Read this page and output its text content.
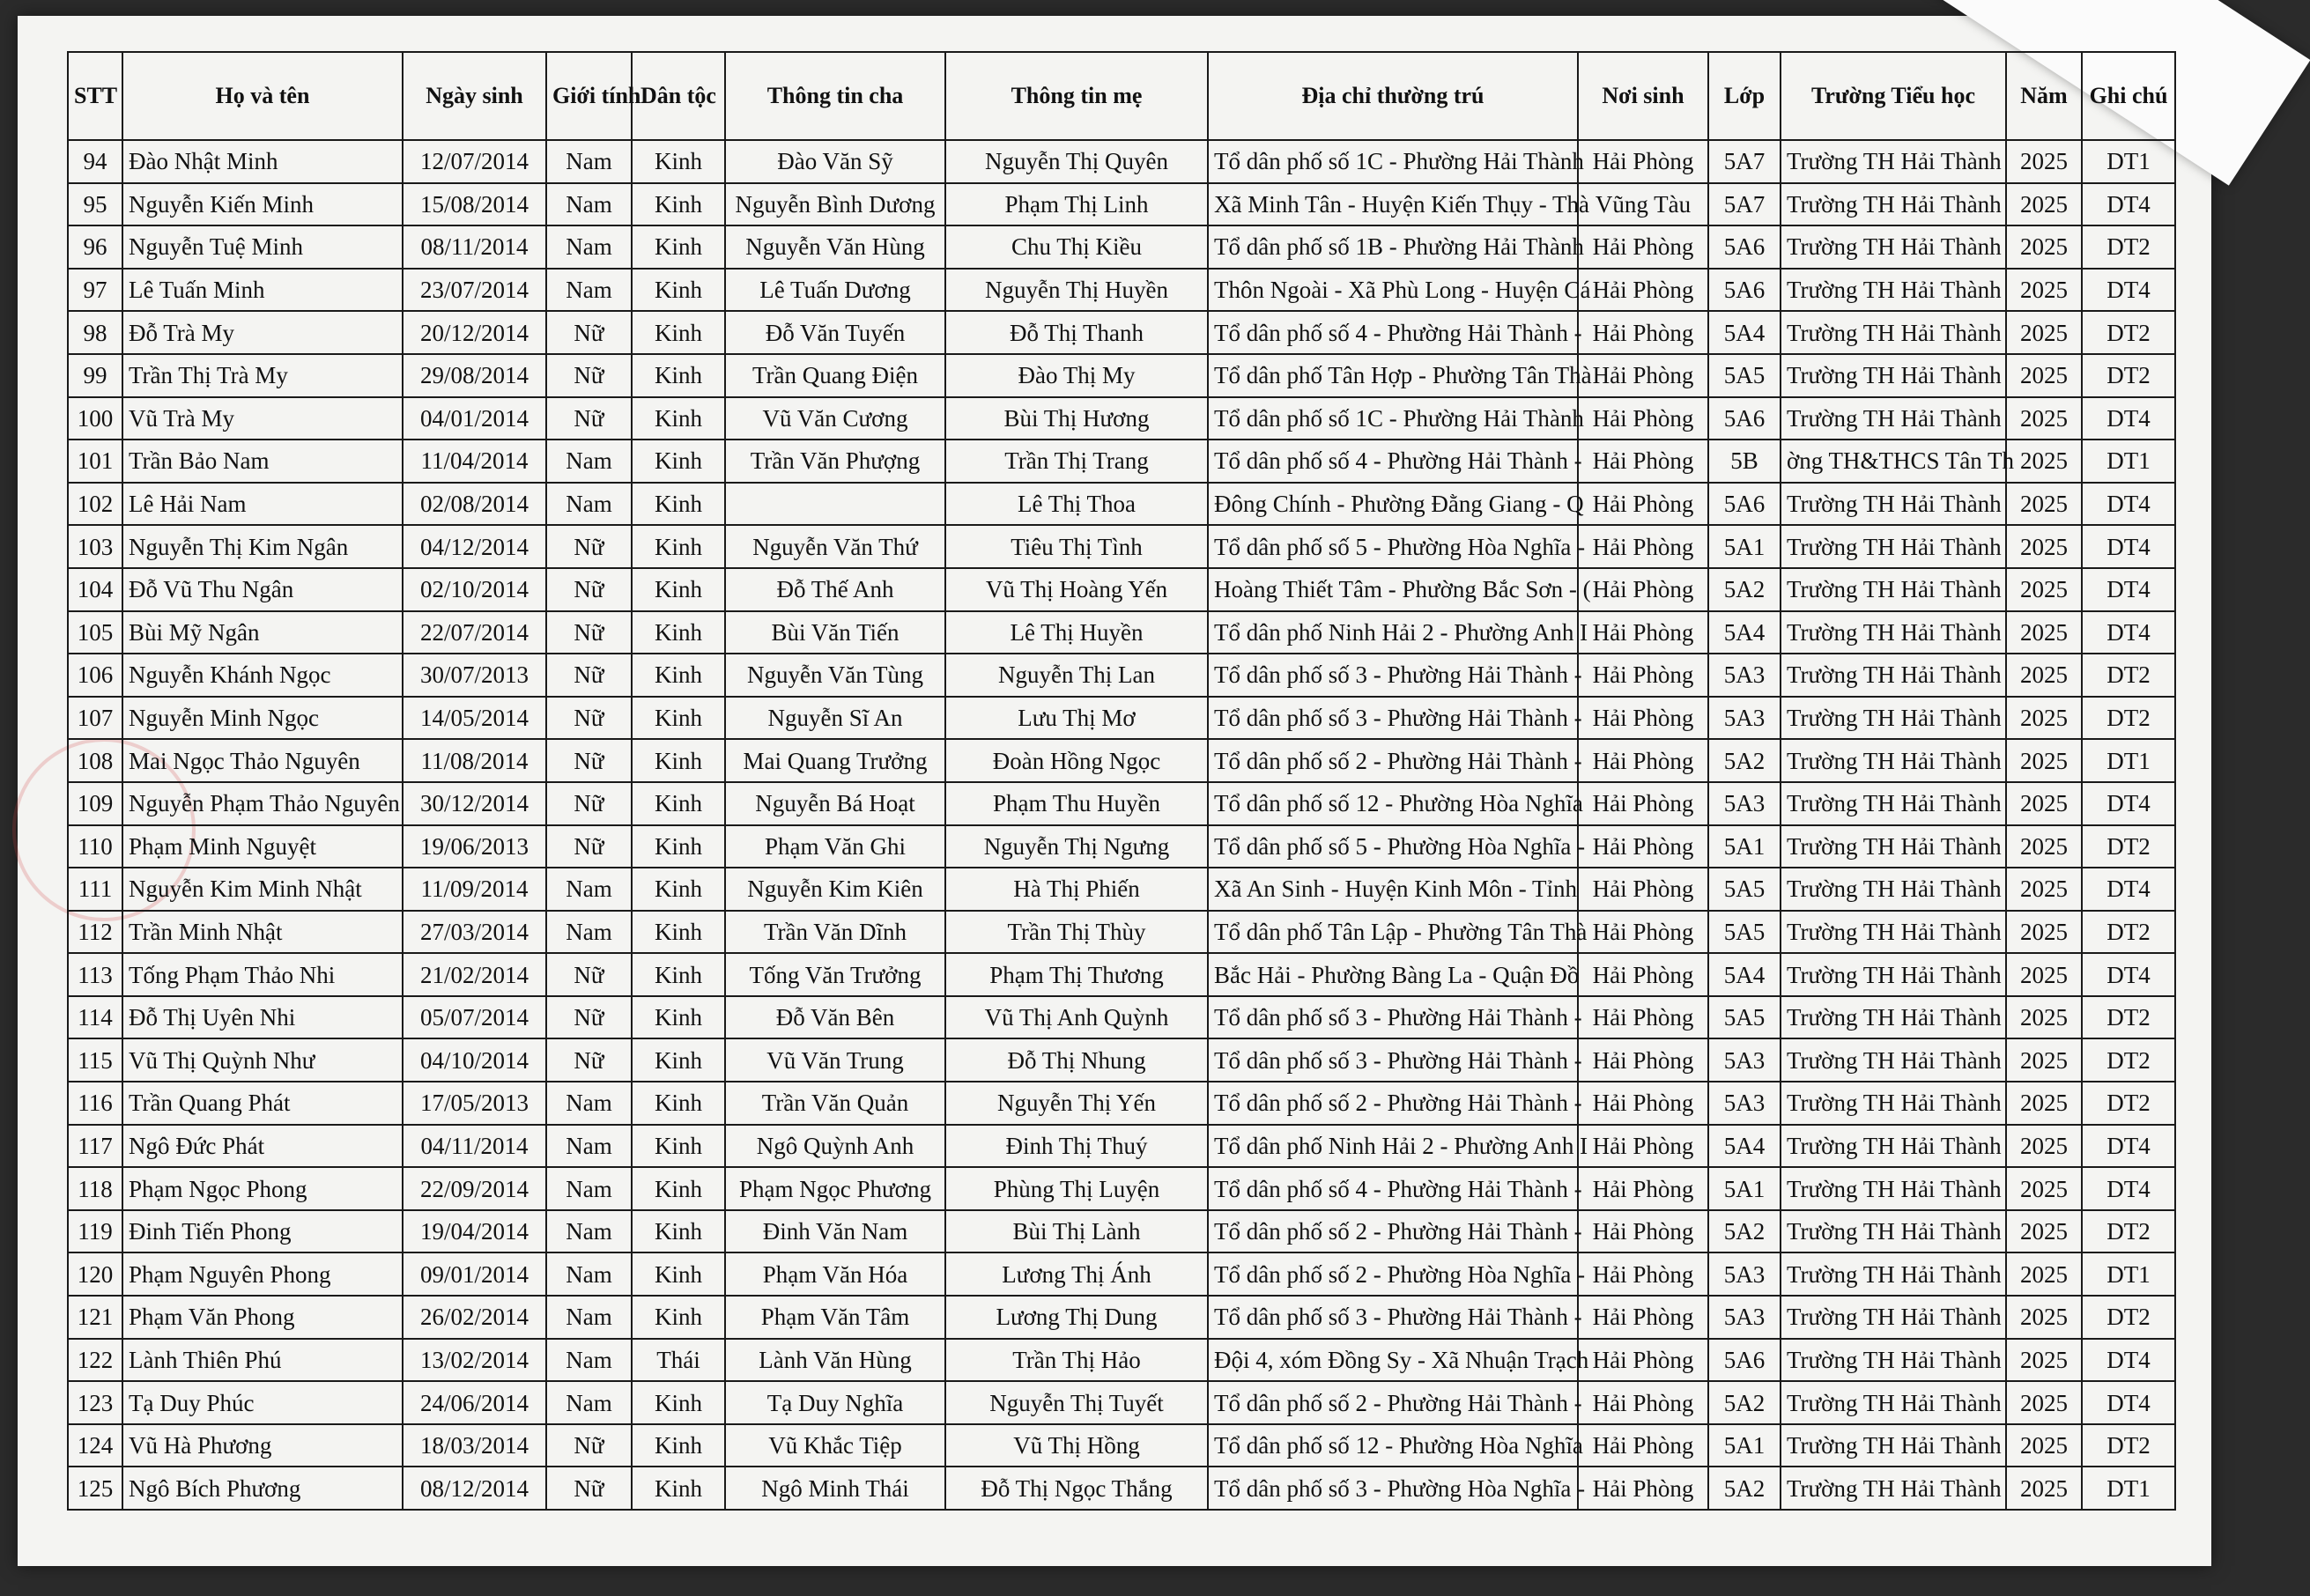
STT	Họ và tên	Ngày sinh	Giới tính	Dân tộc	Thông tin cha	Thông tin mẹ	Địa chỉ thường trú	Nơi sinh	Lớp	Trường Tiểu học	Năm	Ghi chú
94	Đào Nhật Minh	12/07/2014	Nam	Kinh	Đào Văn Sỹ	Nguyễn Thị Quyên	Tổ dân phố số 1C - Phường Hải Thành	Hải Phòng	5A7	Trường TH Hải Thành	2025	DT1
95	Nguyễn Kiến Minh	15/08/2014	Nam	Kinh	Nguyễn Bình Dương	Phạm Thị Linh	Xã Minh Tân - Huyện Kiến Thụy - Thà	Vũng Tàu	5A7	Trường TH Hải Thành	2025	DT4
96	Nguyễn Tuệ Minh	08/11/2014	Nam	Kinh	Nguyễn Văn Hùng	Chu Thị Kiều	Tổ dân phố số 1B - Phường Hải Thành	Hải Phòng	5A6	Trường TH Hải Thành	2025	DT2
97	Lê Tuấn Minh	23/07/2014	Nam	Kinh	Lê Tuấn Dương	Nguyễn Thị Huyền	Thôn Ngoài - Xã Phù Long - Huyện Cá	Hải Phòng	5A6	Trường TH Hải Thành	2025	DT4
98	Đỗ Trà My	20/12/2014	Nữ	Kinh	Đỗ Văn Tuyến	Đỗ Thị Thanh	Tổ dân phố số 4 - Phường Hải Thành -	Hải Phòng	5A4	Trường TH Hải Thành	2025	DT2
99	Trần Thị Trà My	29/08/2014	Nữ	Kinh	Trần Quang Điện	Đào Thị My	Tổ dân phố Tân Hợp - Phường Tân Thà	Hải Phòng	5A5	Trường TH Hải Thành	2025	DT2
100	Vũ Trà My	04/01/2014	Nữ	Kinh	Vũ Văn Cương	Bùi Thị Hương	Tổ dân phố số 1C - Phường Hải Thành	Hải Phòng	5A6	Trường TH Hải Thành	2025	DT4
101	Trần Bảo Nam	11/04/2014	Nam	Kinh	Trần Văn Phượng	Trần Thị Trang	Tổ dân phố số 4 - Phường Hải Thành -	Hải Phòng	5B	ờng TH&THCS Tân Th	2025	DT1
102	Lê Hải Nam	02/08/2014	Nam	Kinh		Lê Thị Thoa	Đông Chính - Phường Đằng Giang - Q	Hải Phòng	5A6	Trường TH Hải Thành	2025	DT4
103	Nguyễn Thị Kim Ngân	04/12/2014	Nữ	Kinh	Nguyễn Văn Thứ	Tiêu Thị Tình	Tổ dân phố số 5 - Phường Hòa Nghĩa -	Hải Phòng	5A1	Trường TH Hải Thành	2025	DT4
104	Đỗ Vũ Thu Ngân	02/10/2014	Nữ	Kinh	Đỗ Thế Anh	Vũ Thị Hoàng Yến	Hoàng Thiết Tâm - Phường Bắc Sơn - (	Hải Phòng	5A2	Trường TH Hải Thành	2025	DT4
105	Bùi Mỹ Ngân	22/07/2014	Nữ	Kinh	Bùi Văn Tiến	Lê Thị Huyền	Tổ dân phố Ninh Hải 2 - Phường Anh I	Hải Phòng	5A4	Trường TH Hải Thành	2025	DT4
106	Nguyễn Khánh Ngọc	30/07/2013	Nữ	Kinh	Nguyễn Văn Tùng	Nguyễn Thị Lan	Tổ dân phố số 3 - Phường Hải Thành -	Hải Phòng	5A3	Trường TH Hải Thành	2025	DT2
107	Nguyễn Minh Ngọc	14/05/2014	Nữ	Kinh	Nguyễn Sĩ An	Lưu Thị Mơ	Tổ dân phố số 3 - Phường Hải Thành -	Hải Phòng	5A3	Trường TH Hải Thành	2025	DT2
108	Mai Ngọc Thảo Nguyên	11/08/2014	Nữ	Kinh	Mai Quang Trưởng	Đoàn Hồng Ngọc	Tổ dân phố số 2 - Phường Hải Thành -	Hải Phòng	5A2	Trường TH Hải Thành	2025	DT1
109	Nguyễn Phạm Thảo Nguyên	30/12/2014	Nữ	Kinh	Nguyễn Bá Hoạt	Phạm Thu Huyền	Tổ dân phố số 12 - Phường Hòa Nghĩa	Hải Phòng	5A3	Trường TH Hải Thành	2025	DT4
110	Phạm Minh Nguyệt	19/06/2013	Nữ	Kinh	Phạm Văn Ghi	Nguyễn Thị Ngưng	Tổ dân phố số 5 - Phường Hòa Nghĩa -	Hải Phòng	5A1	Trường TH Hải Thành	2025	DT2
111	Nguyễn Kim Minh Nhật	11/09/2014	Nam	Kinh	Nguyễn Kim Kiên	Hà Thị Phiến	Xã An Sinh - Huyện Kinh Môn - Tỉnh	Hải Phòng	5A5	Trường TH Hải Thành	2025	DT4
112	Trần Minh Nhật	27/03/2014	Nam	Kinh	Trần Văn Dĩnh	Trần Thị Thùy	Tổ dân phố Tân Lập - Phường Tân Thà	Hải Phòng	5A5	Trường TH Hải Thành	2025	DT2
113	Tống Phạm Thảo Nhi	21/02/2014	Nữ	Kinh	Tống Văn Trưởng	Phạm Thị Thương	Bắc Hải - Phường Bàng La - Quận Đồ	Hải Phòng	5A4	Trường TH Hải Thành	2025	DT4
114	Đỗ Thị Uyên Nhi	05/07/2014	Nữ	Kinh	Đỗ Văn Bên	Vũ Thị Anh Quỳnh	Tổ dân phố số 3 - Phường Hải Thành -	Hải Phòng	5A5	Trường TH Hải Thành	2025	DT2
115	Vũ Thị Quỳnh Như	04/10/2014	Nữ	Kinh	Vũ Văn Trung	Đỗ Thị Nhung	Tổ dân phố số 3 - Phường Hải Thành -	Hải Phòng	5A3	Trường TH Hải Thành	2025	DT2
116	Trần Quang Phát	17/05/2013	Nam	Kinh	Trần Văn Quản	Nguyễn Thị Yến	Tổ dân phố số 2 - Phường Hải Thành -	Hải Phòng	5A3	Trường TH Hải Thành	2025	DT2
117	Ngô Đức Phát	04/11/2014	Nam	Kinh	Ngô Quỳnh Anh	Đinh Thị Thuý	Tổ dân phố Ninh Hải 2 - Phường Anh I	Hải Phòng	5A4	Trường TH Hải Thành	2025	DT4
118	Phạm Ngọc Phong	22/09/2014	Nam	Kinh	Phạm Ngọc Phương	Phùng Thị Luyện	Tổ dân phố số 4 - Phường Hải Thành -	Hải Phòng	5A1	Trường TH Hải Thành	2025	DT4
119	Đinh Tiến Phong	19/04/2014	Nam	Kinh	Đinh Văn Nam	Bùi Thị Lành	Tổ dân phố số 2 - Phường Hải Thành -	Hải Phòng	5A2	Trường TH Hải Thành	2025	DT2
120	Phạm Nguyên Phong	09/01/2014	Nam	Kinh	Phạm Văn Hóa	Lương Thị Ánh	Tổ dân phố số 2 - Phường Hòa Nghĩa -	Hải Phòng	5A3	Trường TH Hải Thành	2025	DT1
121	Phạm Văn Phong	26/02/2014	Nam	Kinh	Phạm Văn Tâm	Lương Thị Dung	Tổ dân phố số 3 - Phường Hải Thành -	Hải Phòng	5A3	Trường TH Hải Thành	2025	DT2
122	Lành Thiên Phú	13/02/2014	Nam	Thái	Lành Văn Hùng	Trần Thị Hảo	Đội 4, xóm Đồng Sy - Xã Nhuận Trạch	Hải Phòng	5A6	Trường TH Hải Thành	2025	DT4
123	Tạ Duy Phúc	24/06/2014	Nam	Kinh	Tạ Duy Nghĩa	Nguyễn Thị Tuyết	Tổ dân phố số 2 - Phường Hải Thành -	Hải Phòng	5A2	Trường TH Hải Thành	2025	DT4
124	Vũ Hà Phương	18/03/2014	Nữ	Kinh	Vũ Khắc Tiệp	Vũ Thị Hồng	Tổ dân phố số 12 - Phường Hòa Nghĩa	Hải Phòng	5A1	Trường TH Hải Thành	2025	DT2
125	Ngô Bích Phương	08/12/2014	Nữ	Kinh	Ngô Minh Thái	Đỗ Thị Ngọc Thắng	Tổ dân phố số 3 - Phường Hòa Nghĩa -	Hải Phòng	5A2	Trường TH Hải Thành	2025	DT1
